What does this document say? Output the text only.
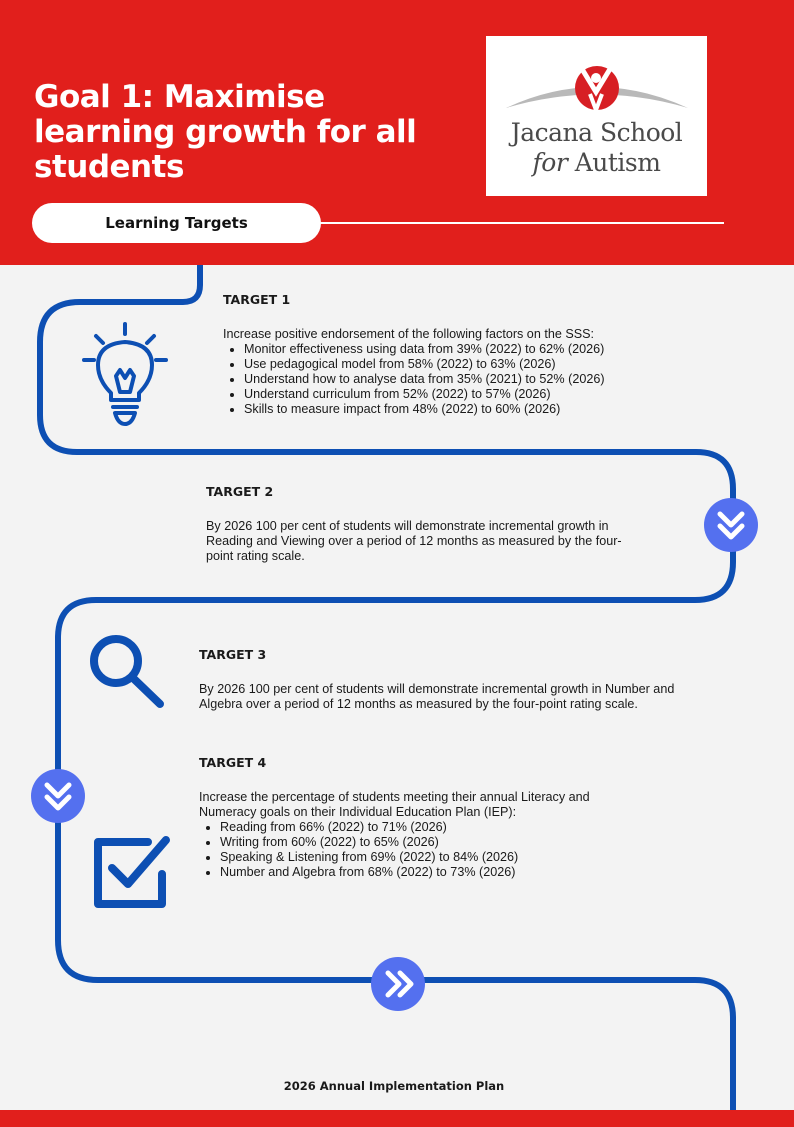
Goal 1: Maximise learning growth for all students
Jacana School
for Autism
Learning Targets
TARGET 1

Increase positive endorsement of the following factors on the SSS:

• Monitor effectiveness using data from 39% (2022) to 62% (2026)
• Use pedagogical model from 58% (2022) to 63% (2026)
• Understand how to analyse data from 35% (2021) to 52% (2026)
• Understand curriculum from 52% (2022) to 57% (2026)
• Skills to measure impact from 48% (2022) to 60% (2026)
TARGET 2

By 2026 100 per cent of students will demonstrate incremental growth in Reading and Viewing over a period of 12 months as measured by the four-point rating scale.

TARGET 3

By 2026 100 per cent of students will demonstrate incremental growth in Number and Algebra over a period of 12 months as measured by the four-point rating scale.

TARGET 4

Increase the percentage of students meeting their annual Literacy and Numeracy goals on their Individual Education Plan (IEP):

• Reading from 66% (2022) to 71% (2026)
• Writing from 60% (2022) to 65% (2026)
• Speaking & Listening from 69% (2022) to 84% (2026)
• Number and Algebra from 68% (2022) to 73% (2026)
2026 Annual Implementation Plan
